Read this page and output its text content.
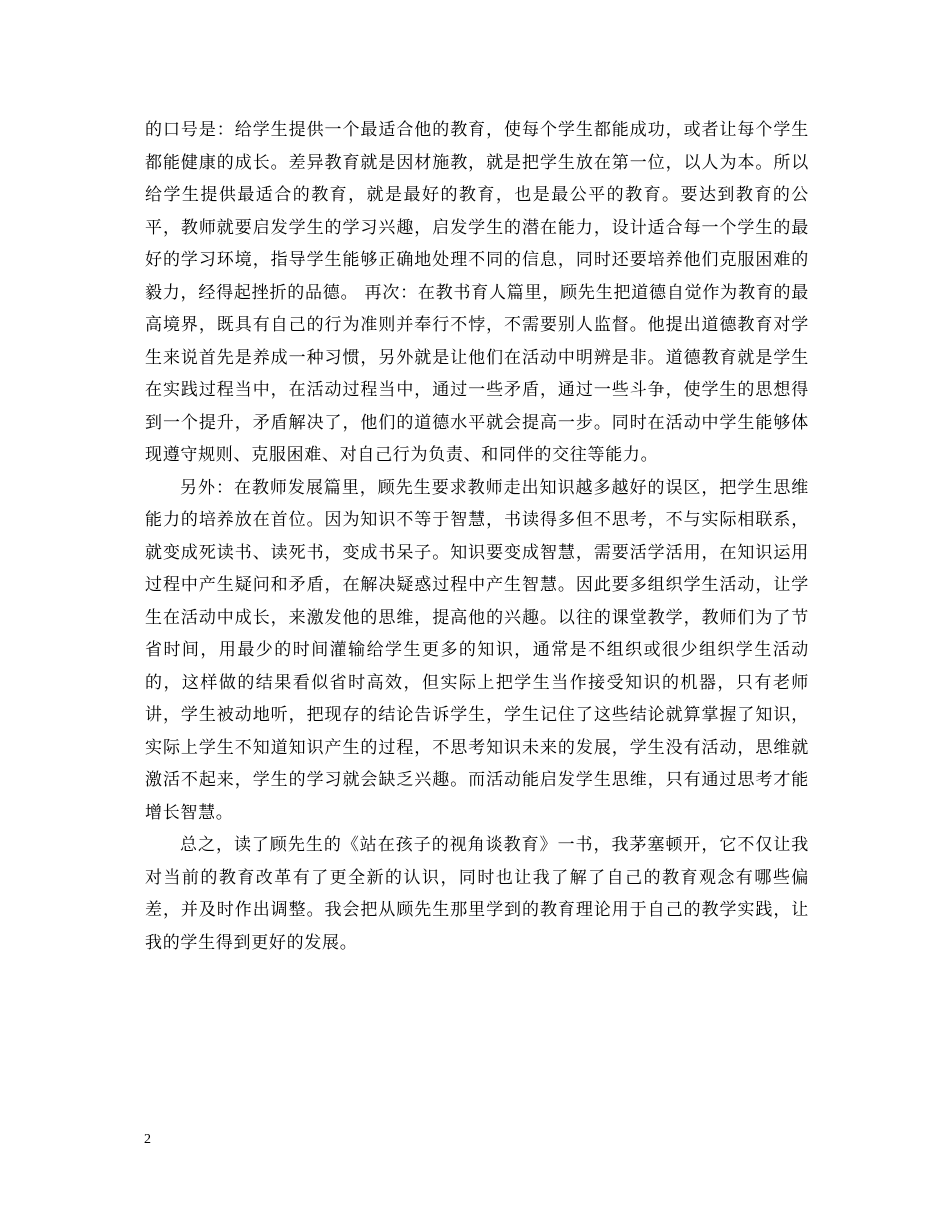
的口号是：给学生提供一个最适合他的教育，使每个学生都能成功，或者让每个学生都能健康的成长。差异教育就是因材施教，就是把学生放在第一位，以人为本。所以给学生提供最适合的教育，就是最好的教育，也是最公平的教育。要达到教育的公平，教师就要启发学生的学习兴趣，启发学生的潜在能力，设计适合每一个学生的最好的学习环境，指导学生能够正确地处理不同的信息，同时还要培养他们克服困难的毅力，经得起挫折的品德。 再次：在教书育人篇里，顾先生把道德自觉作为教育的最高境界，既具有自己的行为准则并奉行不悖，不需要别人监督。他提出道德教育对学生来说首先是养成一种习惯，另外就是让他们在活动中明辨是非。道德教育就是学生在实践过程当中，在活动过程当中，通过一些矛盾，通过一些斗争，使学生的思想得到一个提升，矛盾解决了，他们的道德水平就会提高一步。同时在活动中学生能够体现遵守规则、克服困难、对自己行为负责、和同伴的交往等能力。

另外：在教师发展篇里，顾先生要求教师走出知识越多越好的误区，把学生思维能力的培养放在首位。因为知识不等于智慧，书读得多但不思考，不与实际相联系，就变成死读书、读死书，变成书呆子。知识要变成智慧，需要活学活用，在知识运用过程中产生疑问和矛盾，在解决疑惑过程中产生智慧。因此要多组织学生活动，让学生在活动中成长，来激发他的思维，提高他的兴趣。以往的课堂教学，教师们为了节省时间，用最少的时间灌输给学生更多的知识，通常是不组织或很少组织学生活动的，这样做的结果看似省时高效，但实际上把学生当作接受知识的机器，只有老师讲，学生被动地听，把现存的结论告诉学生，学生记住了这些结论就算掌握了知识，实际上学生不知道知识产生的过程，不思考知识未来的发展，学生没有活动，思维就激活不起来，学生的学习就会缺乏兴趣。而活动能启发学生思维，只有通过思考才能增长智慧。

总之，读了顾先生的《站在孩子的视角谈教育》一书，我茅塞顿开，它不仅让我对当前的教育改革有了更全新的认识，同时也让我了解了自己的教育观念有哪些偏差，并及时作出调整。我会把从顾先生那里学到的教育理论用于自己的教学实践，让我的学生得到更好的发展。

2
